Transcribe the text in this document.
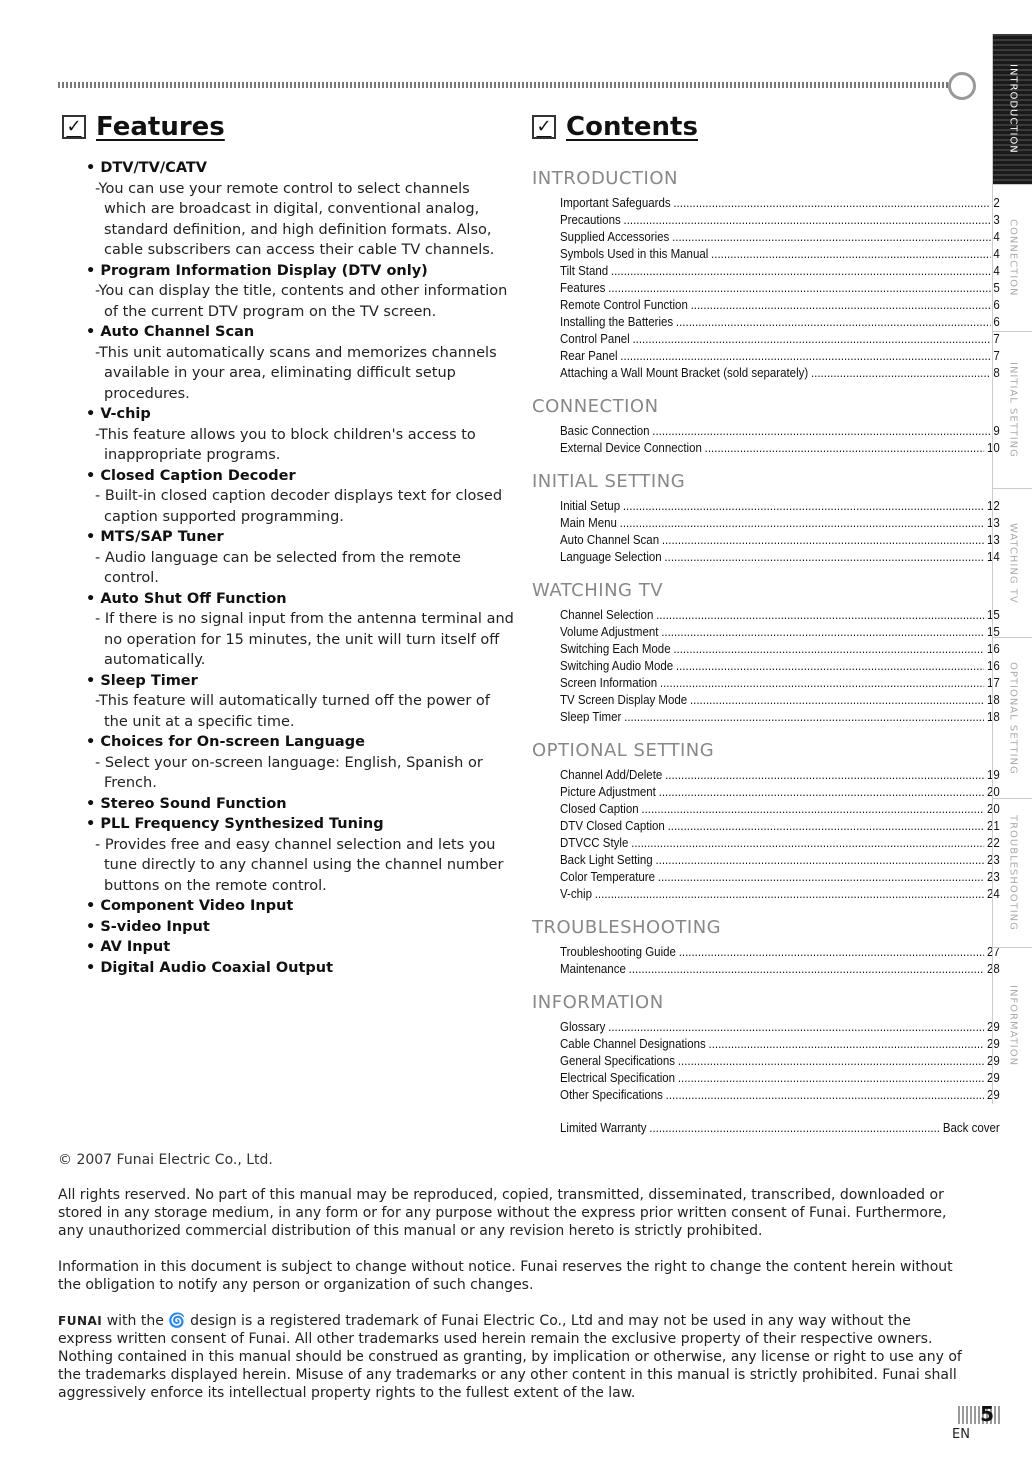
✓ Features	✓ Contents
• DTV/TV/CATV
-You can use your remote control to select channels which are broadcast in digital, conventional analog, standard definition, and high definition formats. Also, cable subscribers can access their cable TV channels.
• Program Information Display (DTV only)
-You can display the title, contents and other information of the current DTV program on the TV screen.
• Auto Channel Scan
-This unit automatically scans and memorizes channels available in your area, eliminating difficult setup procedures.
• V-chip
-This feature allows you to block children's access to inappropriate programs.
• Closed Caption Decoder
- Built-in closed caption decoder displays text for closed caption supported programming.
• MTS/SAP Tuner
- Audio language can be selected from the remote control.
• Auto Shut Off Function
- If there is no signal input from the antenna terminal and no operation for 15 minutes, the unit will turn itself off automatically.
• Sleep Timer
-This feature will automatically turned off the power of the unit at a specific time.
• Choices for On-screen Language
- Select your on-screen language: English, Spanish or French.
• Stereo Sound Function
• PLL Frequency Synthesized Tuning
- Provides free and easy channel selection and lets you tune directly to any channel using the channel number buttons on the remote control.
• Component Video Input
• S-video Input
• AV Input
• Digital Audio Coaxial Output
INTRODUCTION
Important Safeguards .....	2
Precautions .....	3
Supplied Accessories .....	4
Symbols Used in this Manual .....	4
Tilt Stand .....	4
Features .....	5
Remote Control Function .....	6
Installing the Batteries .....	6
Control Panel .....	7
Rear Panel .....	7
Attaching a Wall Mount Bracket (sold separately) .....	8
CONNECTION
Basic Connection .....	9
External Device Connection .....	10
INITIAL SETTING
Initial Setup .....	12
Main Menu .....	13
Auto Channel Scan .....	13
Language Selection .....	14
WATCHING TV
Channel Selection .....	15
Volume Adjustment .....	15
Switching Each Mode .....	16
Switching Audio Mode .....	16
Screen Information .....	17
TV Screen Display Mode .....	18
Sleep Timer .....	18
OPTIONAL SETTING
Channel Add/Delete .....	19
Picture Adjustment .....	20
Closed Caption .....	20
DTV Closed Caption .....	21
DTVCC Style .....	22
Back Light Setting .....	23
Color Temperature .....	23
V-chip .....	24
TROUBLESHOOTING
Troubleshooting Guide .....	27
Maintenance .....	28
INFORMATION
Glossary .....	29
Cable Channel Designations .....	29
General Specifications .....	29
Electrical Specification .....	29
Other Specifications .....	29
Limited Warranty .....	Back cover
INTRODUCTION
CONNECTION
INITIAL SETTING
WATCHING TV
OPTIONAL SETTING
TROUBLESHOOTING
INFORMATION
© 2007 Funai Electric Co., Ltd.
All rights reserved. No part of this manual may be reproduced, copied, transmitted, disseminated, transcribed, downloaded or stored in any storage medium, in any form or for any purpose without the express prior written consent of Funai. Furthermore, any unauthorized commercial distribution of this manual or any revision hereto is strictly prohibited.
Information in this document is subject to change without notice. Funai reserves the right to change the content herein without the obligation to notify any person or organization of such changes.
FUNAI with the 🌀 design is a registered trademark of Funai Electric Co., Ltd and may not be used in any way without the express written consent of Funai. All other trademarks used herein remain the exclusive property of their respective owners. Nothing contained in this manual should be construed as granting, by implication or otherwise, any license or right to use any of the trademarks displayed herein. Misuse of any trademarks or any other content in this manual is strictly prohibited. Funai shall aggressively enforce its intellectual property rights to the fullest extent of the law.
5
EN
